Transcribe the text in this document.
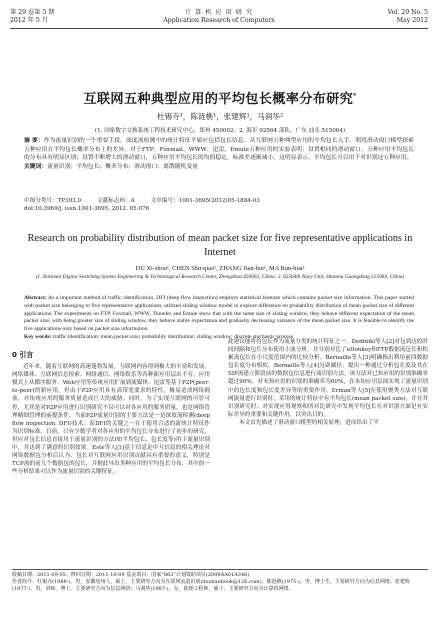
第 29 卷第 5 期
2012 年 5 月
计 算 机 应 用 研 究
Application Research of Computers
Vol. 29 No. 5
May 2012
互联网五种典型应用的平均包长概率分布研究*
杜锡寺¹，陈涟樵¹，张建辉¹，马润华²
(1. 国家数字交换系统工程技术研究中心，郑州 450002；2. 海军 92564 部队，广东 汕头 515064)
摘 要：作为流量识别的一个重要手段，深度流检测中的统计特征平属应包括包长信息。从互联网五种典型应用的平均包长入手，利用滑动窗口模型探索五种应用在平均包长概率分布上的差异。对于FTP、Foxmail、WWW、迅雷、Emule五种应用的实验表明：设置相同的滑动窗口，五种应用平均包长的分布具有明显区别；设置不断增大的滑动窗口，五种应用平均包长的均值稳定，标准差逐渐减小。这明显表示，平均包长可以用于对识别这五种应用。
关键词：流量识别；平均包长；概率分布；滑动窗口；离散随机变量
中图分类号：TP393.0	文献标志码：A	文章编号：1001-3695(2012)05-1884-03
doi:10.3969/j. issn.1001-3695. 2012. 05.076
Research on probability distribution of mean packet size for five representative applications in Internet
DU Xi-shou¹, CHEN Shu-qiao¹, ZHANG Jian-hui¹, MA Run-hua²
(1. National Digital Switching System Engineering & Technological Research Center, Zhengzhou 450002, China; 2. 92564th Navy Unit, Shantou Guangdong 515064, China)
Abstract: As a important method of traffic identification, DFI (deep flow inspection) employs statistical features which contains packet size information. This paper started with packet size belonging to five representative applications, utilized sliding window model to explore difference on probability distribution of mean packet size of different applications. The experiments on FTP, Foxmail, WWW, Thunder and Emule show that with the same size of sliding window, they behave different expectation of the mean packet size; with being greater size of sliding window, they behave stable expectation and gradually decreasing variance of the mean packet size. It is feasible to identify the five applications only based on packet size information.
Key words: traffic identification; mean packet size; probability distribution; sliding window; discrete stochastic process
0 引言

近年来，随着互联网的高速蓬勃发展，互联网内容得到极大的丰富和发展，网络媒体、互联网信息检索、网络通信、网络娱乐等各种新应用层出不穷。应用模式上从循序服务、Web应用等传统应用扩展到流媒体、迅雷等基于P2P(peer-to-peer)的新应用。但由于P2P应用具有高带宽要求的特性，极易造成网络拥塞，对传统应用的服务质量造成巨大的威胁。同时，为了实现互联网的可管可控，尤其是对P2P应用进行识别研究不仅可以对各应用的服务质量，也是网络管理精细管理的前提条件。当前P2P流量识别的主要方法是一是深度流检测(deep flow inspection, DFI)技术。而DFI的关键之一在于使用合适的流统计特征作为识别标准。目前，只有少数学者对各应用的平均包长分布进行了初步的研究，但应对包长信息直接用于流量识别的方法(如平均包长、包长度等)用于流量识别中，并达到了满意的识别效果。Este等人[1]基于信息论中互信息的相关理论对网络数据包分析后认为，包长对互联网应用识别贡献具有重要的意义，特别是TCP流的前几个数据包的包长，并据此导出多种应用的平均包长分布，其中的一些分析结果可以作为流量识别的关键特征。

此建议能将将包长作为流量分类的统计特征之一。Dediniki等人[2]对包到达的时间间隔和包长分布使用小波分析，并分别对比了eDonkey和FTP数据流包长和积累流包长在小尺度范围内的比较分析。Bernaille等人[3]明确指出利用前四数据包长度分布相似。Bernaille等人[4]另辟蹊径，提出一种通过分析包长度及其在SIP流建立阶段前的数据包信息进行流识别方法，该方法对已知应用的识别准确率超过90%，对未知应用的识别的准确率为60%，在未知应用层面实现了流量识别中的包长度和包长度差异等的重要作用。Erman等人[5]在使用聚类方法对互联网流量进行识别时，采用的统计特征中有平均包长(mean packet size)，并在其识别研究时，对实现应用观察和所对比研究中发现平均包长在对识别方面是有实际差异的重要和关键作用，以突出目的。

本文首先描述了滑动窗口模型的相关原理，进而给出了平

收稿日期：2011-09-05；修回日期：2011-10-09 基金项目：国家“863”计划资助项目(2009AA01A346)
作者简介：杜锡寺(1988-)，男，安徽亳州人，硕士，主要研究方向为互联网流量识别(dushanbook@126.com)；陈涟樵(1975-)，男，博士生，主要研究方向为信息网络；张建辉(1977-)，男，讲师，博士，主要研究方向为信息网络；马润华(1987-)，女，助理工程师，硕士，主要研究方向为计算机网络。
